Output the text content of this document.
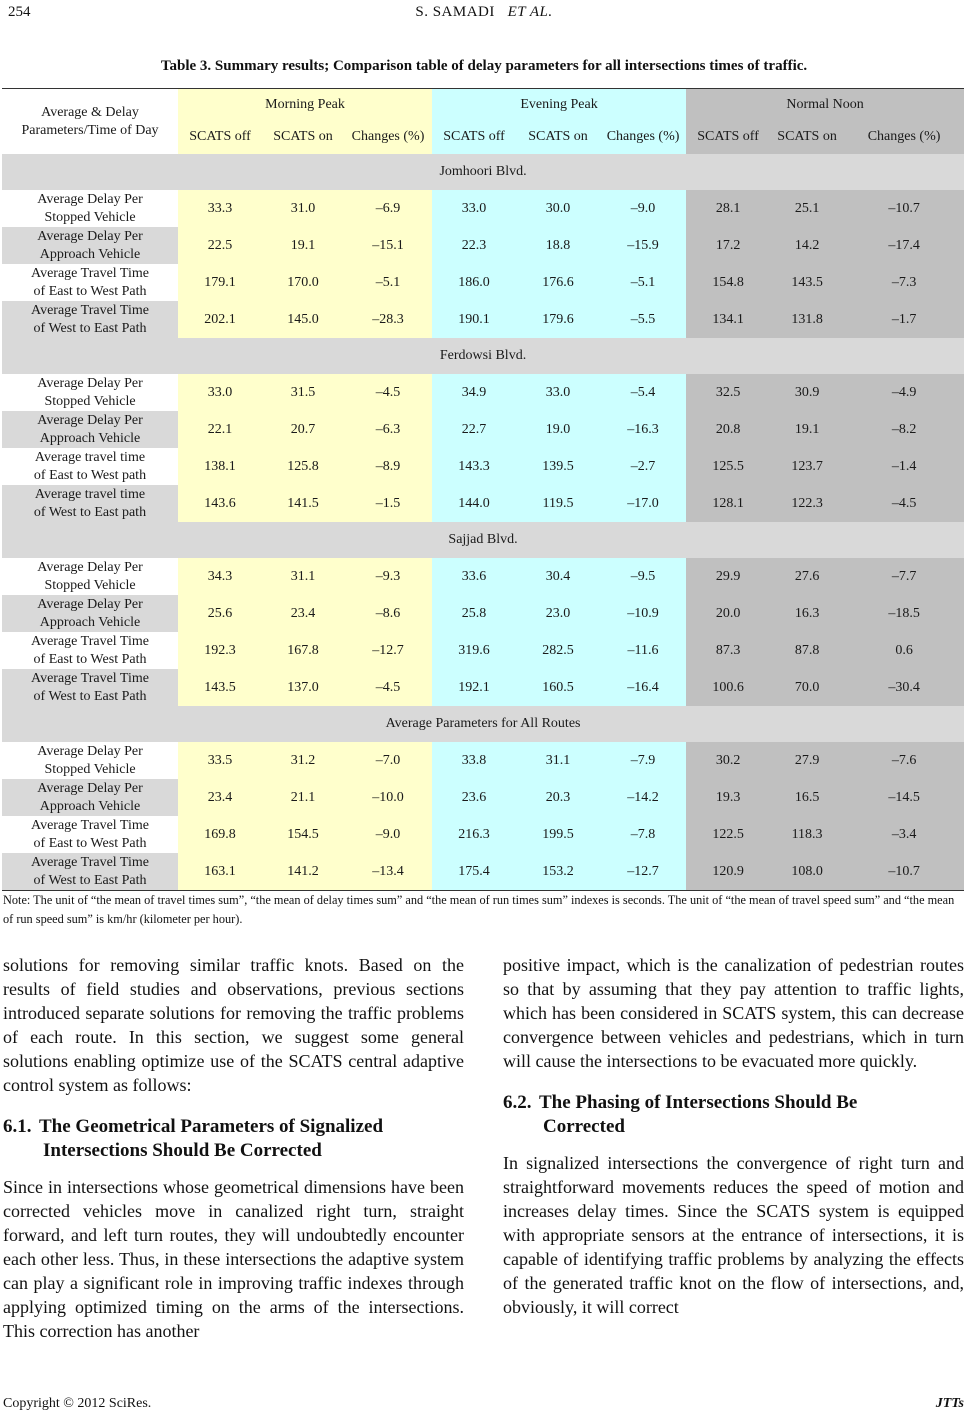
254	S. SAMADI ET AL.
Table 3. Summary results; Comparison table of delay parameters for all intersections times of traffic.
Average & Delay
Parameters/Time of Day	Morning Peak			Evening Peak			Normal Noon		
	SCATS off	SCATS on	Changes (%)	SCATS off	SCATS on	Changes (%)	SCATS off	SCATS on	Changes (%)
Jomhoori Blvd.									

Average Delay Per
Stopped Vehicle	33.3	31.0	–6.9	33.0	30.0	–9.0	28.1	25.1	–10.7

Average Delay Per
Approach Vehicle	22.5	19.1	–15.1	22.3	18.8	–15.9	17.2	14.2	–17.4

Average Travel Time
of East to West Path	179.1	170.0	–5.1	186.0	176.6	–5.1	154.8	143.5	–7.3

Average Travel Time
of West to East Path	202.1	145.0	–28.3	190.1	179.6	–5.5	134.1	131.8	–1.7
Ferdowsi Blvd.									

Average Delay Per
Stopped Vehicle	33.0	31.5	–4.5	34.9	33.0	–5.4	32.5	30.9	–4.9

Average Delay Per
Approach Vehicle	22.1	20.7	–6.3	22.7	19.0	–16.3	20.8	19.1	–8.2

Average travel time
of East to West path	138.1	125.8	–8.9	143.3	139.5	–2.7	125.5	123.7	–1.4

Average travel time
of West to East path	143.6	141.5	–1.5	144.0	119.5	–17.0	128.1	122.3	–4.5
Sajjad Blvd.									

Average Delay Per
Stopped Vehicle	34.3	31.1	–9.3	33.6	30.4	–9.5	29.9	27.6	–7.7

Average Delay Per
Approach Vehicle	25.6	23.4	–8.6	25.8	23.0	–10.9	20.0	16.3	–18.5

Average Travel Time
of East to West Path	192.3	167.8	–12.7	319.6	282.5	–11.6	87.3	87.8	0.6

Average Travel Time
of West to East Path	143.5	137.0	–4.5	192.1	160.5	–16.4	100.6	70.0	–30.4
Average Parameters for All Routes									

Average Delay Per
Stopped Vehicle	33.5	31.2	–7.0	33.8	31.1	–7.9	30.2	27.9	–7.6

Average Delay Per
Approach Vehicle	23.4	21.1	–10.0	23.6	20.3	–14.2	19.3	16.5	–14.5

Average Travel Time
of East to West Path	169.8	154.5	–9.0	216.3	199.5	–7.8	122.5	118.3	–3.4

Average Travel Time
of West to East Path	163.1	141.2	–13.4	175.4	153.2	–12.7	120.9	108.0	–10.7
Note: The unit of “the mean of travel times sum”, “the mean of delay times sum” and “the mean of run times sum” indexes is seconds. The unit of “the mean of travel speed sum” and “the mean of run speed sum” is km/hr (kilometer per hour).
solutions for removing similar traffic knots. Based on the results of field studies and observations, previous sections introduced separate solutions for removing the traffic problems of each route. In this section, we suggest some general solutions enabling optimize use of the SCATS central adaptive control system as follows:
6.1. The Geometrical Parameters of Signalized
Intersections Should Be Corrected
Since in intersections whose geometrical dimensions have been corrected vehicles move in canalized right turn, straight forward, and left turn routes, they will undoubtedly encounter each other less. Thus, in these intersections the adaptive system can play a significant role in improving traffic indexes through applying optimized timing on the arms of the intersections. This correction has another
positive impact, which is the canalization of pedestrian routes so that by assuming that they pay attention to traffic lights, which has been considered in SCATS system, this can decrease convergence between vehicles and pedestrians, which in turn will cause the intersections to be evacuated more quickly.
6.2. The Phasing of Intersections Should Be
Corrected
In signalized intersections the convergence of right turn and straightforward movements reduces the speed of motion and increases delay times. Since the SCATS system is equipped with appropriate sensors at the entrance of intersections, it is capable of identifying traffic problems by analyzing the effects of the generated traffic knot on the flow of intersections, and, obviously, it will correct
Copyright © 2012 SciRes.	JTTs
